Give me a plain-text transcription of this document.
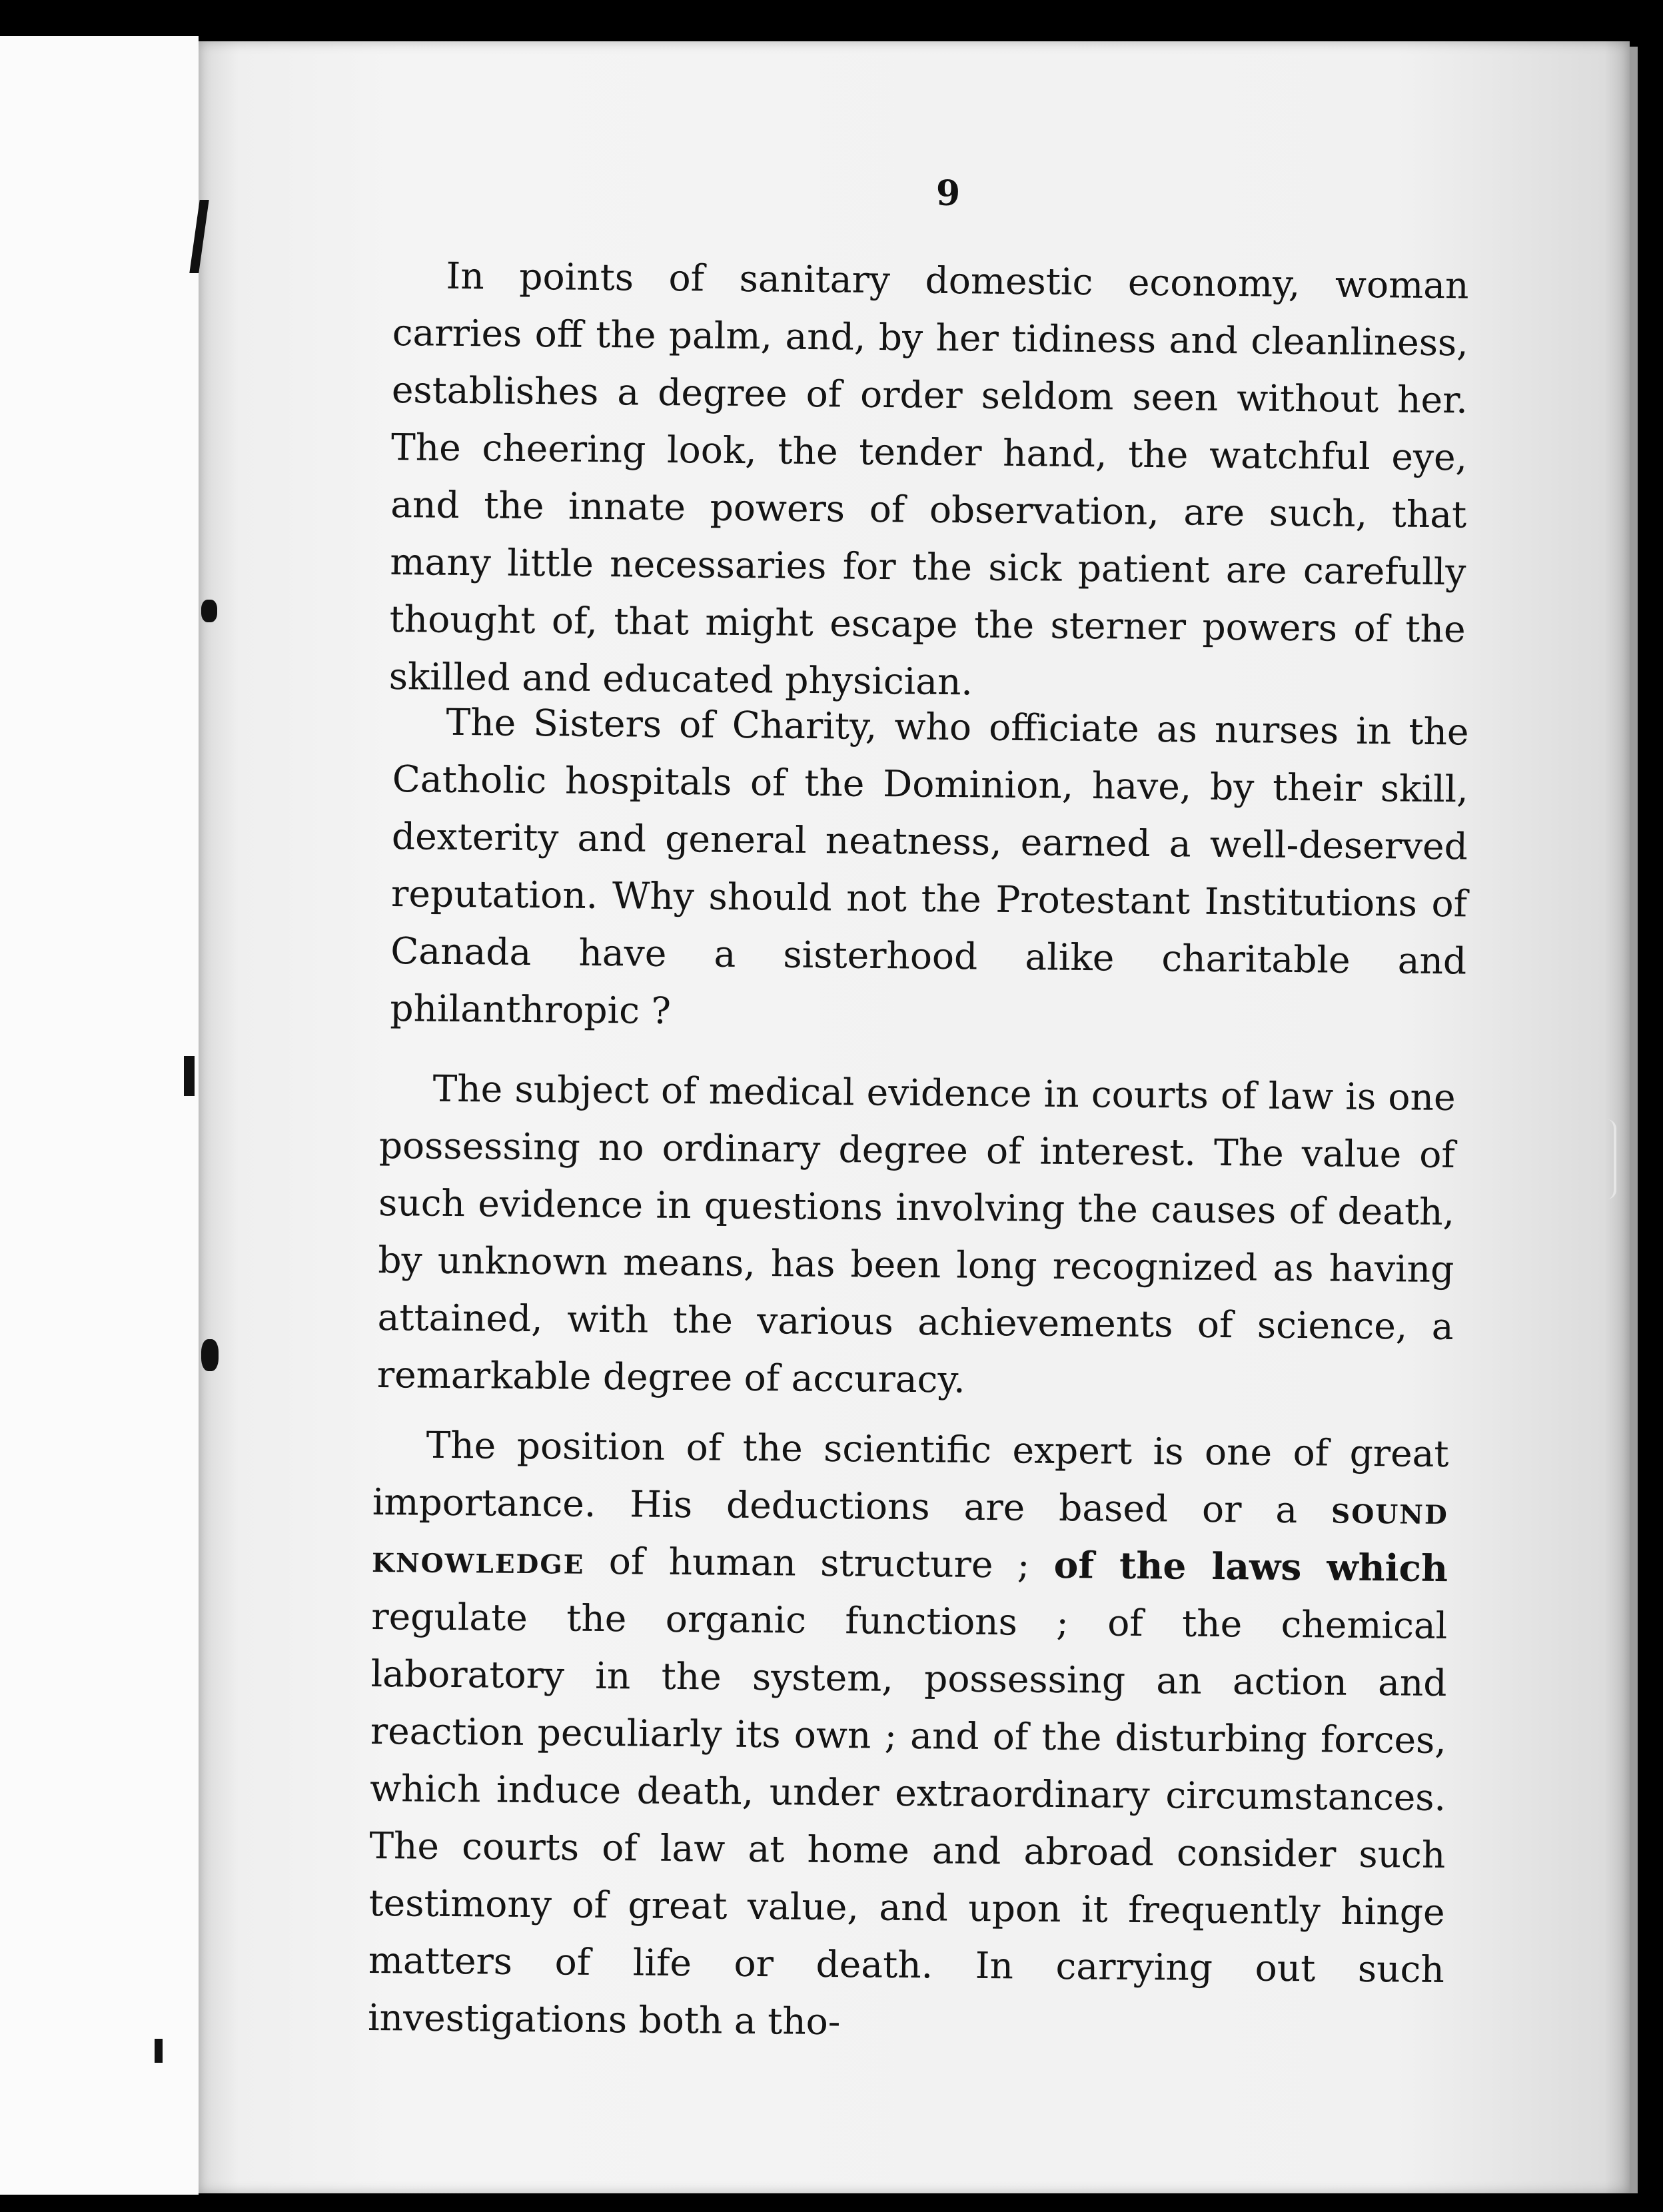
9

In points of sanitary domestic economy, woman carries off the palm, and, by her tidiness and cleanliness, establishes a degree of order seldom seen without her. The cheering look, the tender hand, the watchful eye, and the innate powers of observation, are such, that many little necessaries for the sick patient are carefully thought of, that might escape the sterner powers of the skilled and educated physician.

The Sisters of Charity, who officiate as nurses in the Catholic hospitals of the Dominion, have, by their skill, dexterity and general neatness, earned a well-deserved reputation. Why should not the Protestant Institutions of Canada have a sisterhood alike charitable and philanthropic ?

The subject of medical evidence in courts of law is one possessing no ordinary degree of interest. The value of such evidence in questions involving the causes of death, by unknown means, has been long recognized as having attained, with the various achievements of science, a remarkable degree of accuracy.

The position of the scientific expert is one of great importance. His deductions are based or a sound knowledge of human structure ; of the laws which regulate the organic functions ; of the chemical laboratory in the system, possessing an action and reaction peculiarly its own ; and of the disturbing forces, which induce death, under extraordinary circumstances. The courts of law at home and abroad consider such testimony of great value, and upon it frequently hinge matters of life or death. In carrying out such investigations both a tho-
